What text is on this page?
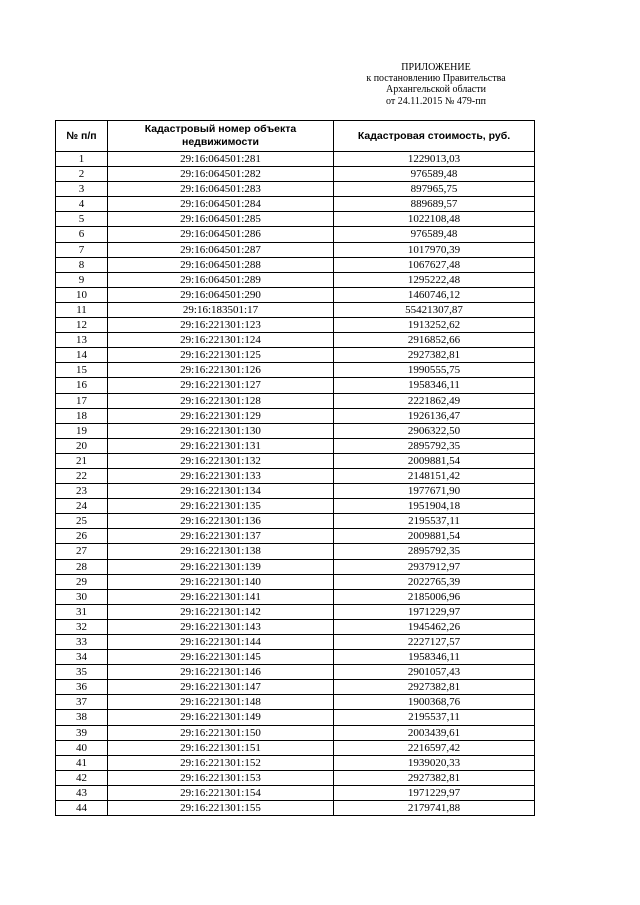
ПРИЛОЖЕНИЕ
к постановлению Правительства
Архангельской области
от 24.11.2015 № 479-пп
№ п/п	Кадастровый номер объекта недвижимости	Кадастровая стоимость, руб.
1	29:16:064501:281	1229013,03
2	29:16:064501:282	976589,48
3	29:16:064501:283	897965,75
4	29:16:064501:284	889689,57
5	29:16:064501:285	1022108,48
6	29:16:064501:286	976589,48
7	29:16:064501:287	1017970,39
8	29:16:064501:288	1067627,48
9	29:16:064501:289	1295222,48
10	29:16:064501:290	1460746,12
11	29:16:183501:17	55421307,87
12	29:16:221301:123	1913252,62
13	29:16:221301:124	2916852,66
14	29:16:221301:125	2927382,81
15	29:16:221301:126	1990555,75
16	29:16:221301:127	1958346,11
17	29:16:221301:128	2221862,49
18	29:16:221301:129	1926136,47
19	29:16:221301:130	2906322,50
20	29:16:221301:131	2895792,35
21	29:16:221301:132	2009881,54
22	29:16:221301:133	2148151,42
23	29:16:221301:134	1977671,90
24	29:16:221301:135	1951904,18
25	29:16:221301:136	2195537,11
26	29:16:221301:137	2009881,54
27	29:16:221301:138	2895792,35
28	29:16:221301:139	2937912,97
29	29:16:221301:140	2022765,39
30	29:16:221301:141	2185006,96
31	29:16:221301:142	1971229,97
32	29:16:221301:143	1945462,26
33	29:16:221301:144	2227127,57
34	29:16:221301:145	1958346,11
35	29:16:221301:146	2901057,43
36	29:16:221301:147	2927382,81
37	29:16:221301:148	1900368,76
38	29:16:221301:149	2195537,11
39	29:16:221301:150	2003439,61
40	29:16:221301:151	2216597,42
41	29:16:221301:152	1939020,33
42	29:16:221301:153	2927382,81
43	29:16:221301:154	1971229,97
44	29:16:221301:155	2179741,88
